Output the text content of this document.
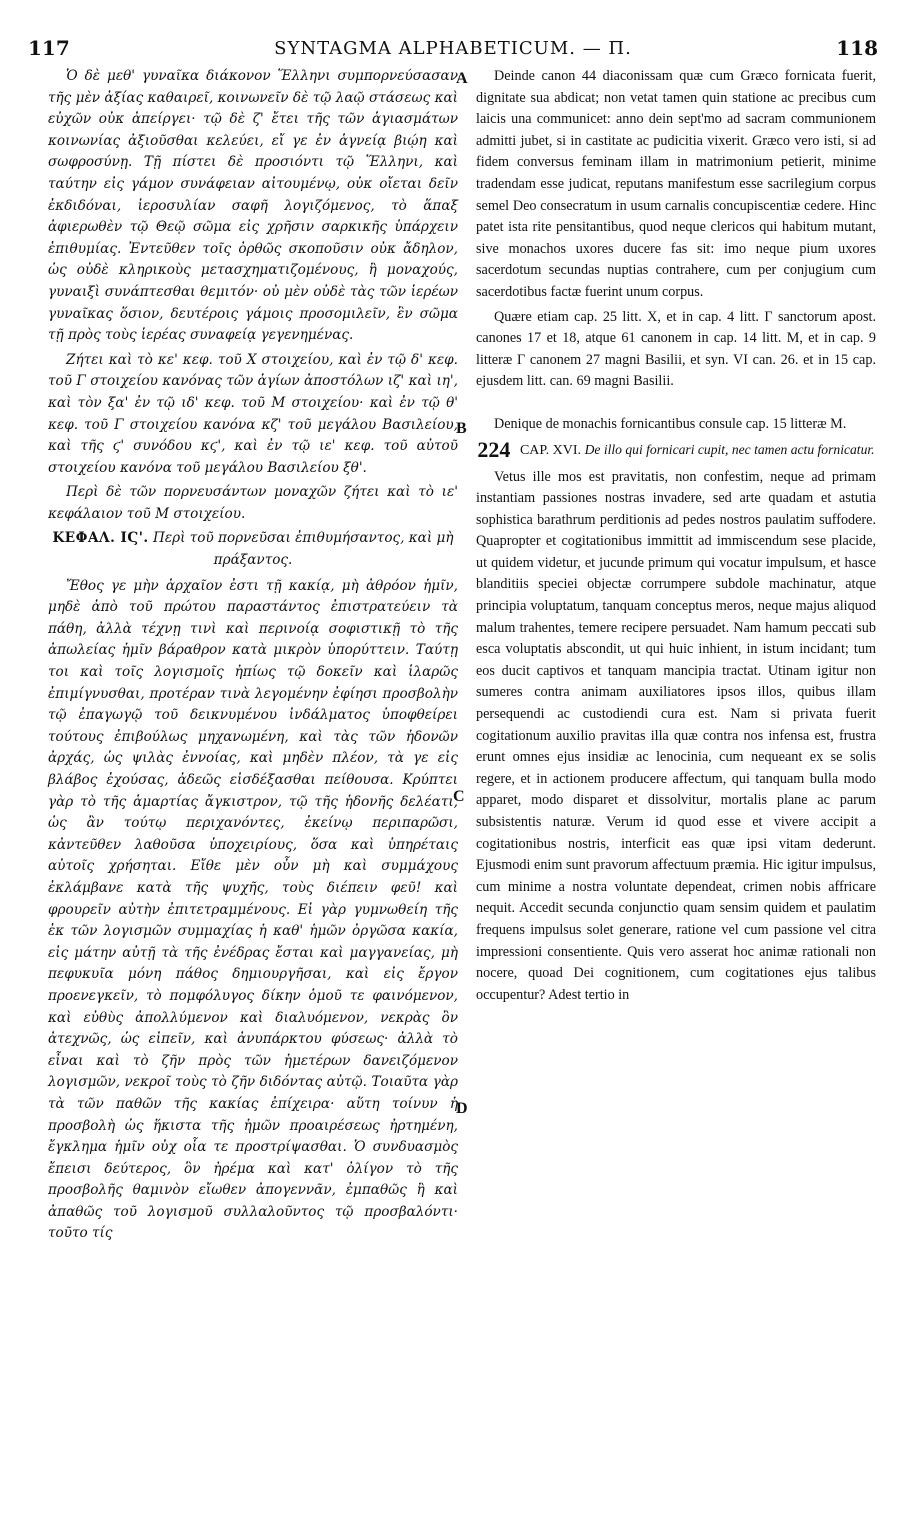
117	SYNTAGMA ALPHABETICUM. — Π.	118
A
B
C
D

Ὁ δὲ μεθ' γυναῖκα διάκονον Ἕλληνι συμπορνεύσασαν τῆς μὲν ἀξίας καθαιρεῖ, κοινωνεῖν δὲ τῷ λαῷ στάσεως καὶ εὐχῶν οὐκ ἀπείργει· τῷ δὲ ζ' ἔτει τῆς τῶν ἁγιασμάτων κοινωνίας ἀξιοῦσθαι κελεύει, εἴ γε ἐν ἁγνείᾳ βιῴη καὶ σωφροσύνῃ. Τῇ πίστει δὲ προσιόντι τῷ Ἕλληνι, καὶ ταύτην εἰς γάμον συνάφειαν αἰτουμένῳ, οὐκ οἴεται δεῖν ἐκδιδόναι, ἱεροσυλίαν σαφῆ λογιζόμενος, τὸ ἅπαξ ἀφιερωθὲν τῷ Θεῷ σῶμα εἰς χρῆσιν σαρκικῆς ὑπάρχειν ἐπιθυμίας. Ἐντεῦθεν τοῖς ὀρθῶς σκοποῦσιν οὐκ ἄδηλον, ὡς οὐδὲ κληρικοὺς μετασχηματιζομένους, ἢ μοναχούς, γυναιξὶ συνάπτεσθαι θεμιτόν· οὐ μὲν οὐδὲ τὰς τῶν ἱερέων γυναῖκας ὅσιον, δευτέροις γάμοις προσομιλεῖν, ἓν σῶμα τῇ πρὸς τοὺς ἱερέας συναφείᾳ γεγενημένας.

Ζήτει καὶ τὸ κε' κεφ. τοῦ Χ στοιχείου, καὶ ἐν τῷ δ' κεφ. τοῦ Γ στοιχείου κανόνας τῶν ἁγίων ἀποστόλων ιζ' καὶ ιη', καὶ τὸν ξα' ἐν τῷ ιδ' κεφ. τοῦ Μ στοιχείου· καὶ ἐν τῷ θ' κεφ. τοῦ Γ στοιχείου κανόνα κζ' τοῦ μεγάλου Βασιλείου, καὶ τῆς ϛ' συνόδου κϛ', καὶ ἐν τῷ ιε' κεφ. τοῦ αὐτοῦ στοιχείου κανόνα τοῦ μεγάλου Βασιλείου ξθ'.

Περὶ δὲ τῶν πορνευσάντων μοναχῶν ζήτει καὶ τὸ ιε' κεφάλαιον τοῦ Μ στοιχείου.

ΚΕΦΑΛ. ΙϚ'. Περὶ τοῦ πορνεῦσαι ἐπιθυμήσαντος, καὶ μὴ πράξαντος.

Ἔθος γε μὴν ἀρχαῖον ἐστι τῇ κακίᾳ, μὴ ἀθρόον ἡμῖν, μηδὲ ἀπὸ τοῦ πρώτου παραστάντος ἐπιστρατεύειν τὰ πάθη, ἀλλὰ τέχνῃ τινὶ καὶ περινοίᾳ σοφιστικῇ τὸ τῆς ἀπωλείας ἡμῖν βάραθρον κατὰ μικρὸν ὑπορύττειν. Ταύτῃ τοι καὶ τοῖς λογισμοῖς ἠπίως τῷ δοκεῖν καὶ ἱλαρῶς ἐπιμίγνυσθαι, προτέραν τινὰ λεγομένην ἐφίησι προσβολὴν τῷ ἐπαγωγῷ τοῦ δεικνυμένου ἰνδάλματος ὑποφθείρει τούτους ἐπιβούλως μηχανωμένη, καὶ τὰς τῶν ἡδονῶν ἀρχάς, ὡς ψιλὰς ἐννοίας, καὶ μηδὲν πλέον, τὰ γε εἰς βλάβος ἐχούσας, ἀδεῶς εἰσδέξασθαι πείθουσα. Κρύπτει γὰρ τὸ τῆς ἁμαρτίας ἄγκιστρον, τῷ τῆς ἡδονῆς δελέατι, ὡς ἂν τούτῳ περιχανόντες, ἐκείνῳ περιπαρῶσι, κἀντεῦθεν λαθοῦσα ὑποχειρίους, ὅσα καὶ ὑπηρέταις αὐτοῖς χρήσηται. Εἴθε μὲν οὖν μὴ καὶ συμμάχους ἐκλάμβανε κατὰ τῆς ψυχῆς, τοὺς διέπειν φεῦ! καὶ φρουρεῖν αὐτὴν ἐπιτετραμμένους. Εἰ γὰρ γυμνωθείη τῆς ἐκ τῶν λογισμῶν συμμαχίας ἡ καθ' ἡμῶν ὀργῶσα κακία, εἰς μάτην αὐτῇ τὰ τῆς ἐνέδρας ἔσται καὶ μαγγανείας, μὴ πεφυκυῖα μόνη πάθος δημιουργῆσαι, καὶ εἰς ἔργον προενεγκεῖν, τὸ πομφόλυγος δίκην ὁμοῦ τε φαινόμενον, καὶ εὐθὺς ἀπολλύμενον καὶ διαλυόμενον, νεκρὰς ὂν ἀτεχνῶς, ὡς εἰπεῖν, καὶ ἀνυπάρκτου φύσεως· ἀλλὰ τὸ εἶναι καὶ τὸ ζῆν πρὸς τῶν ἡμετέρων δανειζόμενον λογισμῶν, νεκροῖ τοὺς τὸ ζῆν διδόντας αὐτῷ. Τοιαῦτα γὰρ τὰ τῶν παθῶν τῆς κακίας ἐπίχειρα· αὕτη τοίνυν ἡ προσβολὴ ὡς ἥκιστα τῆς ἡμῶν προαιρέσεως ἠρτημένη, ἔγκλημα ἡμῖν οὐχ οἷα τε προστρίψασθαι. Ὁ συνδυασμὸς ἔπεισι δεύτερος, ὃν ἠρέμα καὶ κατ' ὀλίγον τὸ τῆς προσβολῆς θαμινὸν εἴωθεν ἀπογεννᾶν, ἐμπαθῶς ἢ καὶ ἀπαθῶς τοῦ λογισμοῦ συλλαλοῦντος τῷ προσβαλόντι· τοῦτο τίς

Deinde canon 44 diaconissam quæ cum Græco fornicata fuerit, dignitate sua abdicat; non vetat tamen quin statione ac precibus cum laicis una communicet: anno dein sept'mo ad sacram communionem admitti jubet, si in castitate ac pudicitia vixerit. Græco vero isti, si ad fidem conversus feminam illam in matrimonium petierit, minime tradendam esse judicat, reputans manifestum esse sacrilegium corpus semel Deo consecratum in usum carnalis concupiscentiæ cedere. Hinc patet ista rite pensitantibus, quod neque clericos qui habitum mutant, sive monachos uxores ducere fas sit: imo neque pium uxores sacerdotum secundas nuptias contrahere, cum per conjugium cum sacerdotibus factæ fuerint unum corpus.

Quære etiam cap. 25 litt. X, et in cap. 4 litt. Γ sanctorum apost. canones 17 et 18, atque 61 canonem in cap. 14 litt. M, et in cap. 9 litteræ Γ canonem 27 magni Basilii, et syn. VI can. 26. et in 15 cap. ejusdem litt. can. 69 magni Basilii.

Denique de monachis fornicantibus consule cap. 15 litteræ M.

224 CAP. XVI. De illo qui fornicari cupit, nec tamen actu fornicatur.

Vetus ille mos est pravitatis, non confestim, neque ad primam instantiam passiones nostras invadere, sed arte quadam et astutia sophistica barathrum perditionis ad pedes nostros paulatim suffodere. Quapropter et cogitationibus immittit ad immiscendum sese placide, ut quidem videtur, et jucunde primum qui vocatur impulsum, et hasce blanditiis speciei objectæ corrumpere subdole machinatur, atque principia voluptatum, tanquam conceptus meros, neque majus aliquod malum trahentes, temere recipere persuadet. Nam hamum peccati sub esca voluptatis abscondit, ut qui huic inhient, in istum incidant; tum eos ducit captivos et tanquam mancipia tractat. Utinam igitur non sumeres contra animam auxiliatores ipsos illos, quibus illam persequendi ac custodiendi cura est. Nam si privata fuerit cogitationum auxilio pravitas illa quæ contra nos infensa est, frustra erunt omnes ejus insidiæ ac lenocinia, cum nequeant ex se solis regere, et in actionem producere affectum, qui tanquam bulla modo apparet, modo disparet et dissolvitur, mortalis plane ac parum subsistentis naturæ. Verum id quod esse et vivere accipit a cogitationibus nostris, interficit eas quæ ipsi vitam dederunt. Ejusmodi enim sunt pravorum affectuum præmia. Hic igitur impulsus, cum minime a nostra voluntate dependeat, crimen nobis affricare nequit. Accedit secunda conjunctio quam sensim quidem et paulatim frequens impulsus solet generare, ratione vel cum passione vel citra impressioni consentiente. Quis vero asserat hoc animæ rationali non nocere, quoad Dei cognitionem, cum cogitationes ejus talibus occupentur? Adest tertio in
